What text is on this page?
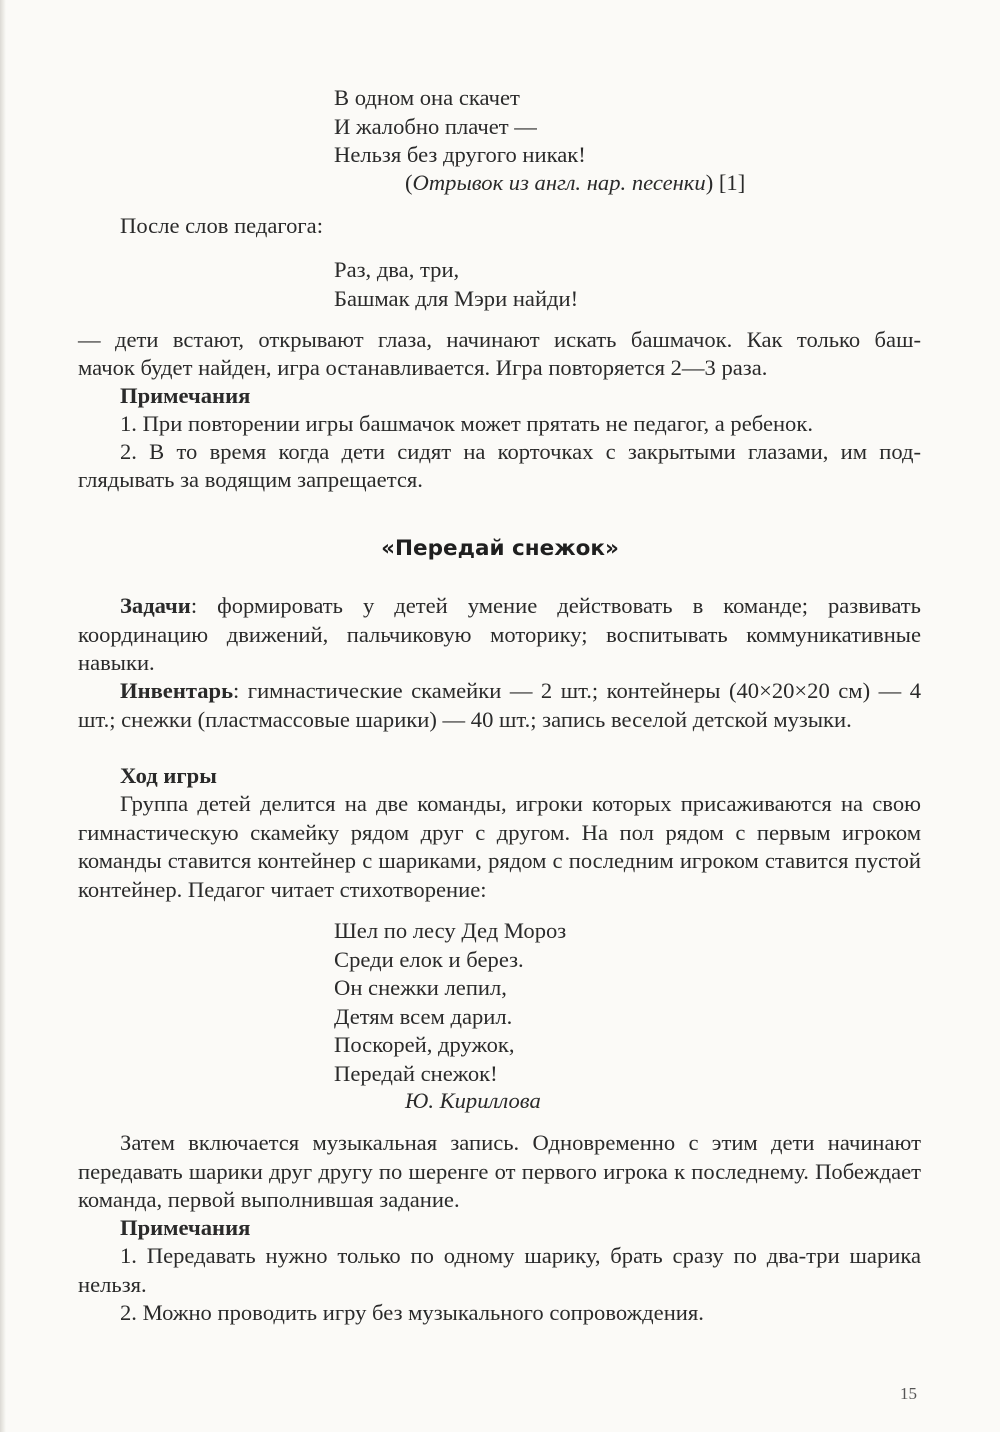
В одном она скачет
И жалобно плачет —
Нельзя без другого никак!
(Отрывок из англ. нар. песенки) [1]

После слов педагога:

Раз, два, три,
Башмак для Мэри найди!

— дети встают, открывают глаза, начинают искать башмачок. Как только баш-

мачок будет найден, игра останавливается. Игра повторяется 2—3 раза.

Примечания

1. При повторении игры башмачок может прятать не педагог, а ребенок.

2. В то время когда дети сидят на корточках с закрытыми глазами, им под-

глядывать за водящим запрещается.

«Передай снежок»

Задачи: формировать у детей умение действовать в команде; развивать координацию движений, пальчиковую моторику; воспитывать коммуникативные навыки.

Инвентарь: гимнастические скамейки — 2 шт.; контейнеры (40×20×20 см) — 4 шт.; снежки (пластмассовые шарики) — 40 шт.; запись веселой детской музыки.

Ход игры

Группа детей делится на две команды, игроки которых присаживаются на свою гимнастическую скамейку рядом друг с другом. На пол рядом с первым игроком команды ставится контейнер с шариками, рядом с последним игроком ставится пустой контейнер. Педагог читает стихотворение:

Шел по лесу Дед Мороз
Среди елок и берез.
Он снежки лепил,
Детям всем дарил.
Поскорей, дружок,
Передай снежок!
Ю. Кириллова

Затем включается музыкальная запись. Одновременно с этим дети начинают передавать шарики друг другу по шеренге от первого игрока к последнему. Побеждает команда, первой выполнившая задание.

Примечания

1. Передавать нужно только по одному шарику, брать сразу по два-три шарика нельзя.

2. Можно проводить игру без музыкального сопровождения.

15
